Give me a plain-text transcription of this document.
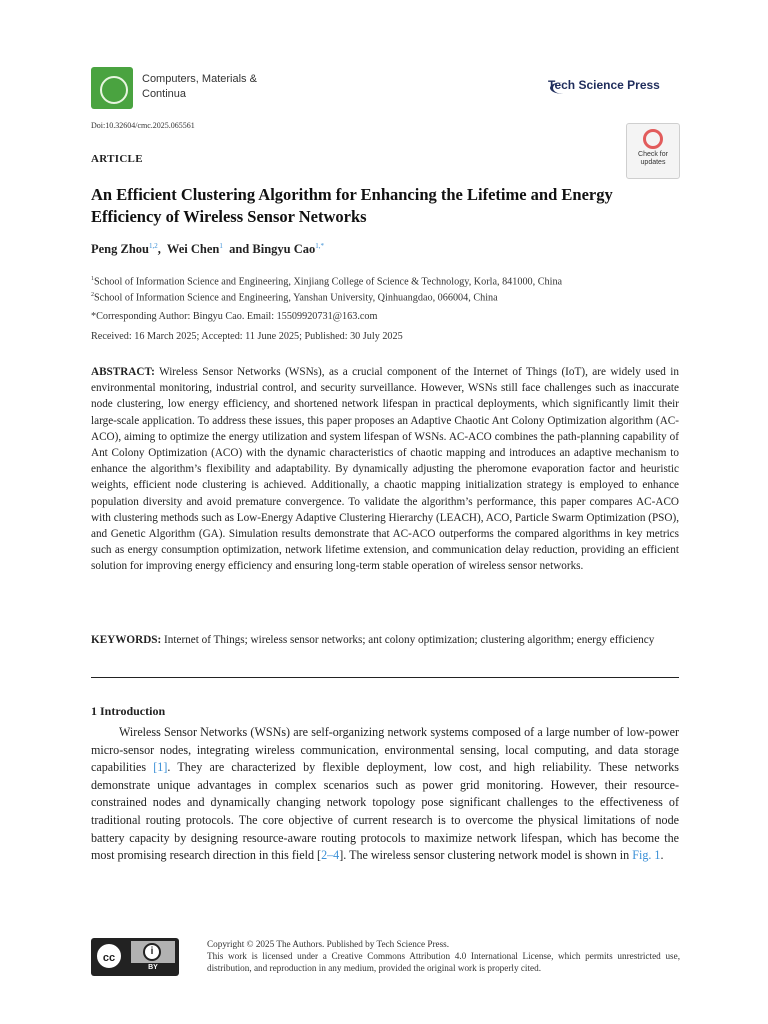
Computers, Materials &
Continua
Tech Science Press
Doi:10.32604/cmc.2025.065561
Check for
updates
ARTICLE
An Efficient Clustering Algorithm for Enhancing the Lifetime and Energy Efficiency of Wireless Sensor Networks
Peng Zhou$^{1,2}$, Wei Chen$^1$ and Bingyu Cao$^{1,*}$
$^1$School of Information Science and Engineering, Xinjiang College of Science & Technology, Korla, 841000, China
$^2$School of Information Science and Engineering, Yanshan University, Qinhuangdao, 066004, China
*Corresponding Author: Bingyu Cao. Email: 15509920731@163.com
Received: 16 March 2025; Accepted: 11 June 2025; Published: 30 July 2025
ABSTRACT: Wireless Sensor Networks (WSNs), as a crucial component of the Internet of Things (IoT), are widely used in environmental monitoring, industrial control, and security surveillance. However, WSNs still face challenges such as inaccurate node clustering, low energy efficiency, and shortened network lifespan in practical deployments, which significantly limit their large-scale application. To address these issues, this paper proposes an Adaptive Chaotic Ant Colony Optimization algorithm (AC-ACO), aiming to optimize the energy utilization and system lifespan of WSNs. AC-ACO combines the path-planning capability of Ant Colony Optimization (ACO) with the dynamic characteristics of chaotic mapping and introduces an adaptive mechanism to enhance the algorithm’s flexibility and adaptability. By dynamically adjusting the pheromone evaporation factor and heuristic weights, efficient node clustering is achieved. Additionally, a chaotic mapping initialization strategy is employed to enhance population diversity and avoid premature convergence. To validate the algorithm’s performance, this paper compares AC-ACO with clustering methods such as Low-Energy Adaptive Clustering Hierarchy (LEACH), ACO, Particle Swarm Optimization (PSO), and Genetic Algorithm (GA). Simulation results demonstrate that AC-ACO outperforms the compared algorithms in key metrics such as energy consumption optimization, network lifetime extension, and communication delay reduction, providing an efficient solution for improving energy efficiency and ensuring long-term stable operation of wireless sensor networks.
KEYWORDS: Internet of Things; wireless sensor networks; ant colony optimization; clustering algorithm; energy efficiency
1 Introduction
Wireless Sensor Networks (WSNs) are self-organizing network systems composed of a large number of low-power micro-sensor nodes, integrating wireless communication, environmental sensing, local computing, and data storage capabilities [1]. They are characterized by flexible deployment, low cost, and high reliability. These networks demonstrate unique advantages in complex scenarios such as power grid monitoring. However, their resource-constrained nodes and dynamically changing network topology pose significant challenges to the effectiveness of traditional routing protocols. The core objective of current research is to overcome the physical limitations of node battery capacity by designing resource-aware routing protocols to maximize network lifespan, which has become the most promising research direction in this field [2–4]. The wireless sensor clustering network model is shown in Fig. 1.
cc
i
BY
Copyright © 2025 The Authors. Published by Tech Science Press.
This work is licensed under a Creative Commons Attribution 4.0 International License, which permits unrestricted use, distribution, and reproduction in any medium, provided the original work is properly cited.
